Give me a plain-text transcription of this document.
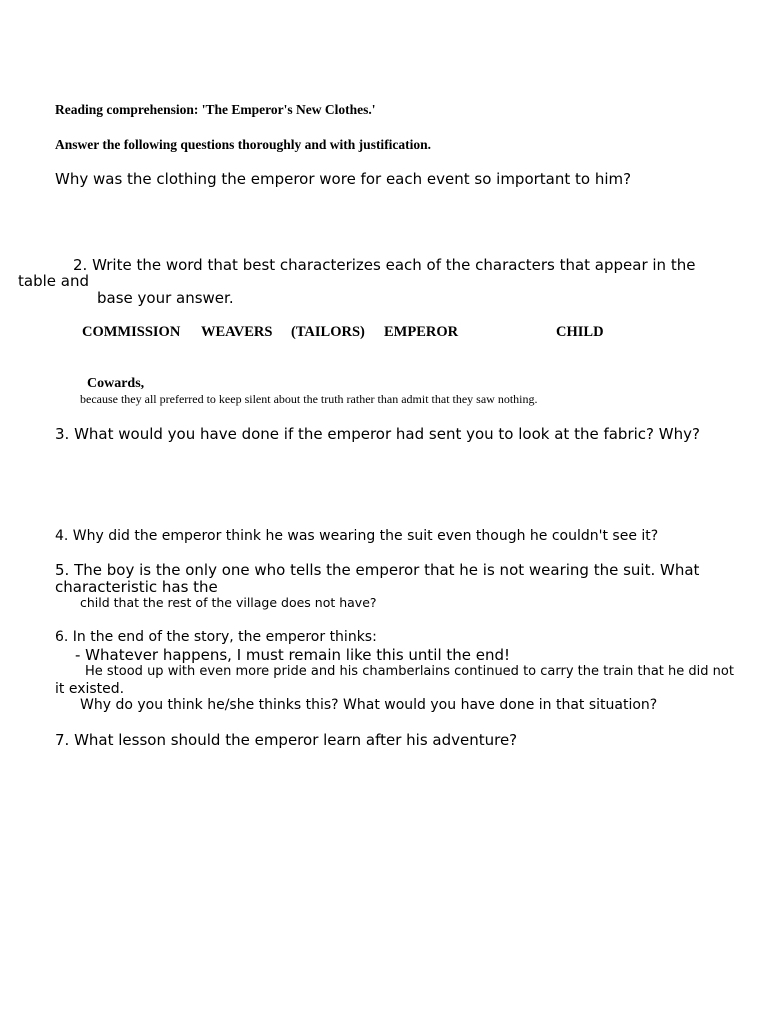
Reading comprehension: 'The Emperor's New Clothes.'

Answer the following questions thoroughly and with justification.

Why was the clothing the emperor wore for each event so important to him?

2. Write the word that best characterizes each of the characters that appear in the

table and

base your answer.

COMMISSION WEAVERS (TAILORS) EMPEROR	CHILD

Cowards,

because they all preferred to keep silent about the truth rather than admit that they saw nothing.

3. What would you have done if the emperor had sent you to look at the fabric? Why?

4. Why did the emperor think he was wearing the suit even though he couldn't see it?

5. The boy is the only one who tells the emperor that he is not wearing the suit. What

characteristic has the

child that the rest of the village does not have?

6. In the end of the story, the emperor thinks:

- Whatever happens, I must remain like this until the end!

He stood up with even more pride and his chamberlains continued to carry the train that he did not

it existed.

Why do you think he/she thinks this? What would you have done in that situation?

7. What lesson should the emperor learn after his adventure?
